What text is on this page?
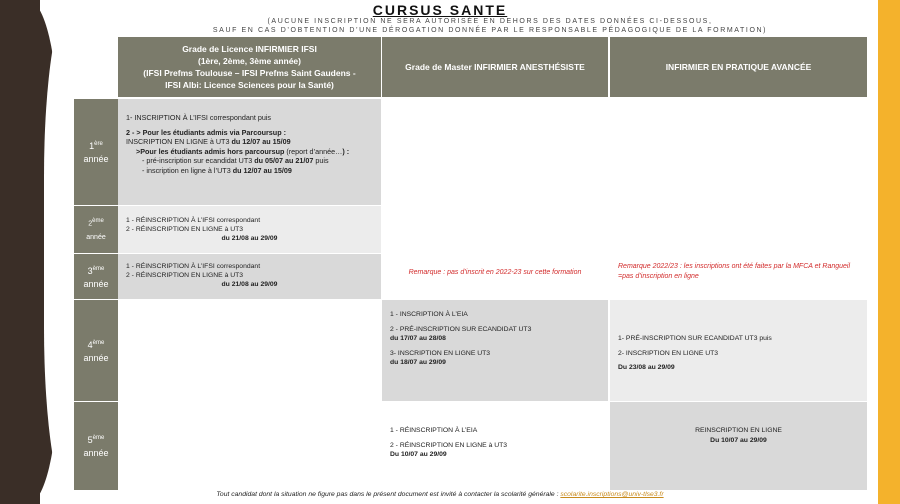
CURSUS SANTE
(AUCUNE INSCRIPTION NE SERA AUTORISÉE EN DEHORS DES DATES DONNÉES CI-DESSOUS,
SAUF EN CAS D’OBTENTION D’UNE DÉROGATION DONNÉE PAR LE RESPONSABLE PÉDAGOGIQUE DE LA FORMATION)
Grade de Licence INFIRMIER IFSI
(1ère, 2ème, 3ème année)
(IFSI Prefms Toulouse – IFSI Prefms Saint Gaudens -
IFSI Albi: Licence Sciences pour la Santé)
Grade de Master INFIRMIER ANESTHÉSISTE	INFIRMIER EN PRATIQUE AVANCÉE
1ère
année
2ème
année
3ème
année
4ème
année
5ème
année

1- INSCRIPTION À L’IFSI correspondant puis

2 - > Pour les étudiants admis via Parcoursup :

INSCRIPTION EN LIGNE à UT3 du 12/07 au 15/09

>Pour les étudiants admis hors parcoursup (report d’année…) :

- pré-inscription sur ecandidat UT3 du 05/07 au 21/07 puis

- inscription en ligne à l’UT3 du 12/07 au 15/09

1 - RÉINSCRIPTION À L’IFSI correspondant

2 - RÉINSCRIPTION EN LIGNE à UT3

du 21/08 au 29/09

1 - RÉINSCRIPTION À L’IFSI correspondant

2 - RÉINSCRIPTION EN LIGNE à UT3

du 21/08 au 29/09

Remarque : pas d’inscrit en 2022-23 sur cette formation
Remarque 2022/23 : les inscriptions ont été faites par la MFCA et Rangueil =pas d’inscription en ligne

1 - INSCRIPTION À L’EIA

2 - PRÉ-INSCRIPTION SUR ECANDIDAT UT3

du 17/07 au 28/08

3- INSCRIPTION EN LIGNE UT3

du 18/07 au 29/09

1 - RÉINSCRIPTION À L’EIA

2 - RÉINSCRIPTION EN LIGNE à UT3

Du 10/07 au 29/09

1- PRÉ-INSCRIPTION SUR ECANDIDAT UT3 puis

2- INSCRIPTION EN LIGNE UT3

Du 23/08 au 29/09

REINSCRIPTION EN LIGNE

Du 10/07 au 29/09

Tout candidat dont la situation ne figure pas dans le présent document est invité à contacter la scolarité générale : scolarite.inscriptions@univ-tlse3.fr
